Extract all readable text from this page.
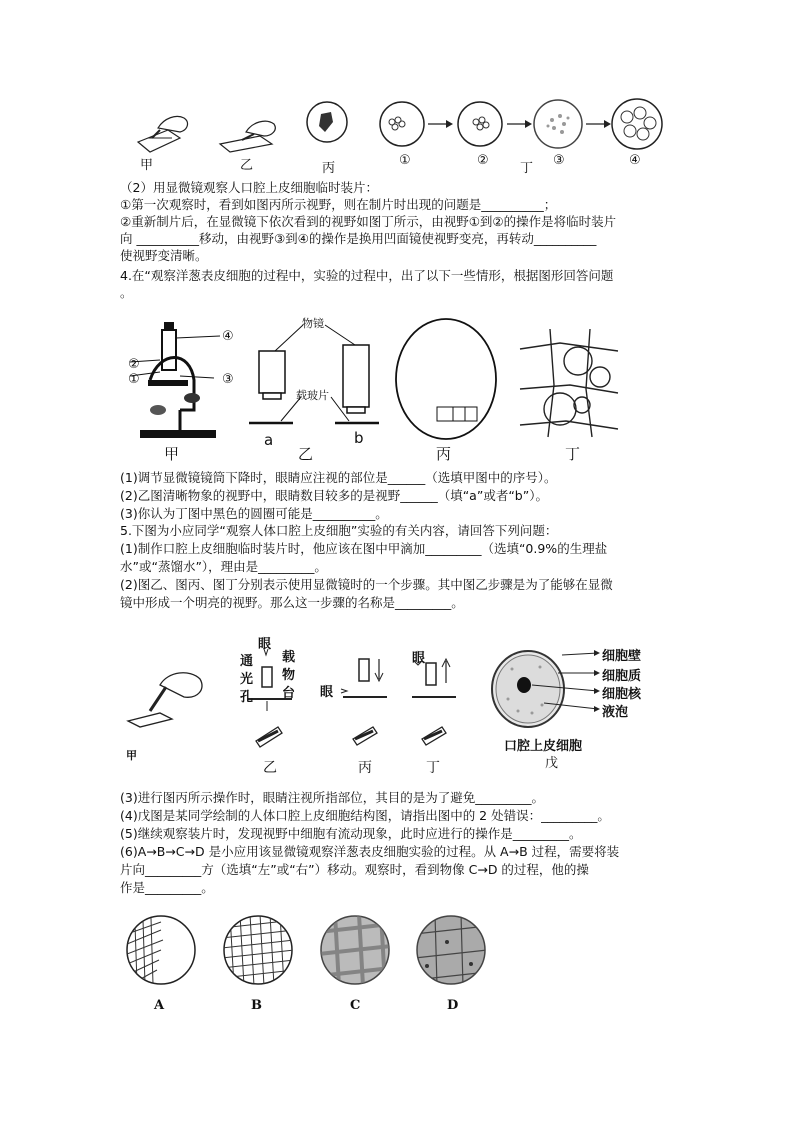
甲	乙	丙
①	②
丁
③	④
（2）用显微镜观察人口腔上皮细胞临时装片：
①第一次观察时，看到如图丙所示视野，则在制片时出现的问题是__________；
②重新制片后，在显微镜下依次看到的视野如图丁所示，由视野①到②的操作是将临时装片
向 __________移动，由视野③到④的操作是换用凹面镜使视野变亮，再转动__________
使视野变清晰。
4.在“观察洋葱表皮细胞的过程中，实验的过程中，出了以下一些情形，根据图形回答问题
。
④
②
①	③
甲
物镜
载玻片
a	b
乙	丙	丁
(1)调节显微镜镜筒下降时，眼睛应注视的部位是______（选填甲图中的序号）。
(2)乙图清晰物象的视野中，眼睛数目较多的是视野______（填“a”或者“b”）。
(3)你认为丁图中黑色的圆圈可能是__________。
5.下图为小应同学“观察人体口腔上皮细胞”实验的有关内容，请回答下列问题：
(1)制作口腔上皮细胞临时装片时，他应该在图中甲滴加_________（选填“0.9%的生理盐
水”或“蒸馏水”），理由是_________。
(2)图乙、图丙、图丁分别表示使用显微镜时的一个步骤。其中图乙步骤是为了能够在显微
镜中形成一个明亮的视野。那么这一步骤的名称是_________。
甲
眼
通光孔
载物台
乙
眼
丙
眼
丁
细胞壁
细胞质
细胞核
液泡
口腔上皮细胞
戊
(3)进行图丙所示操作时，眼睛注视所指部位，其目的是为了避免_________。
(4)戊图是某同学绘制的人体口腔上皮细胞结构图，请指出图中的 2 处错误：_________。
(5)继续观察装片时，发现视野中细胞有流动现象，此时应进行的操作是_________。
(6)A→B→C→D 是小应用该显微镜观察洋葱表皮细胞实验的过程。从 A→B 过程，需要将装
片向_________方（选填“左”或“右”）移动。观察时，看到物像 C→D 的过程，他的操
作是_________。
A	B	C	D
